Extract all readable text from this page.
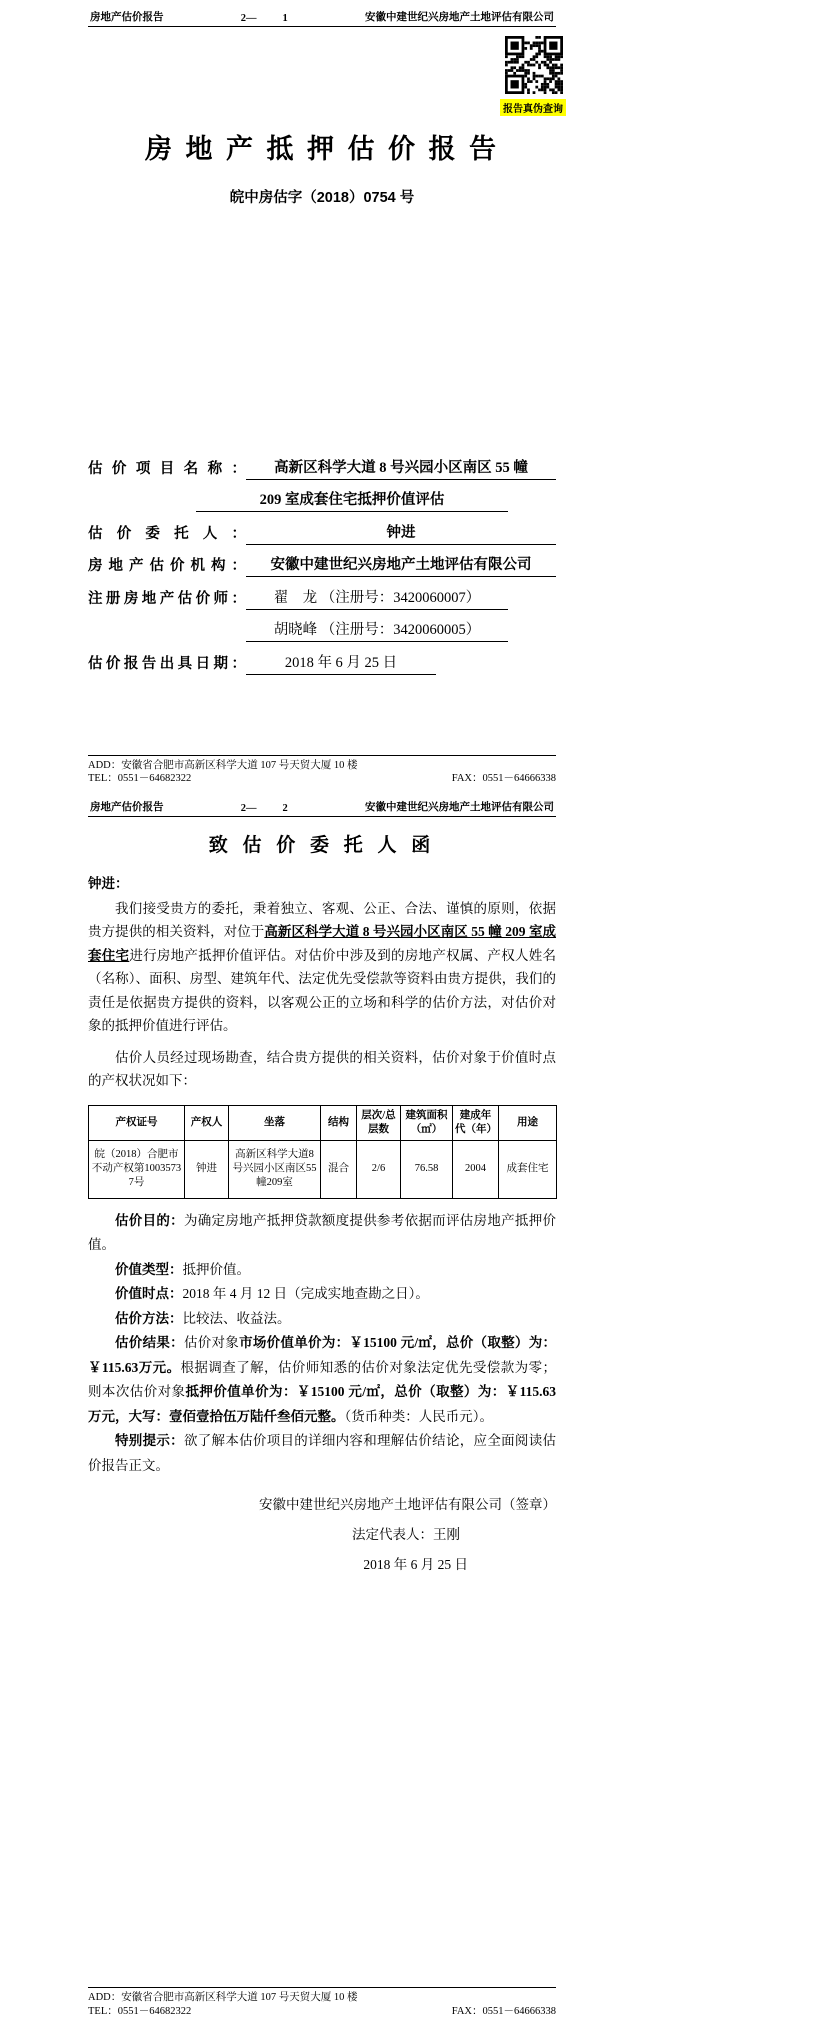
报告真伪查询
房地产估价报告	2— 1	安徽中建世纪兴房地产土地评估有限公司
房 地 产 抵 押 估 价 报 告
皖中房估字（2018）0754 号
估价项目名称：	高新区科学大道 8 号兴园小区南区 55 幢
209 室成套住宅抵押价值评估
估价委托人：	钟进
房地产估价机构：	安徽中建世纪兴房地产土地评估有限公司
注册房地产估价师：	翟　龙 （注册号：3420060007）
胡晓峰 （注册号：3420060005）
估价报告出具日期：	2018 年 6 月 25 日
ADD：安徽省合肥市高新区科学大道 107 号天贸大厦 10 楼
TEL：0551－64682322	FAX：0551－64666338
房地产估价报告	2— 2	安徽中建世纪兴房地产土地评估有限公司
致 估 价 委 托 人 函
钟进：

我们接受贵方的委托，秉着独立、客观、公正、合法、谨慎的原则，依据贵方提供的相关资料，对位于高新区科学大道 8 号兴园小区南区 55 幢 209 室成套住宅进行房地产抵押价值评估。对估价中涉及到的房地产权属、产权人姓名（名称）、面积、房型、建筑年代、法定优先受偿款等资料由贵方提供，我们的责任是依据贵方提供的资料，以客观公正的立场和科学的估价方法，对估价对象的抵押价值进行评估。

估价人员经过现场勘查，结合贵方提供的相关资料，估价对象于价值时点的产权状况如下：

产权证号	产权人	坐落	结构	层次/总层数	建筑面积（㎡）	建成年代（年）	用途
皖（2018）合肥市不动产权第10035737号	钟进	高新区科学大道8号兴园小区南区55幢209室	混合	2/6	76.58	2004	成套住宅

估价目的：为确定房地产抵押贷款额度提供参考依据而评估房地产抵押价值。

价值类型：抵押价值。

价值时点：2018 年 4 月 12 日（完成实地查勘之日）。

估价方法：比较法、收益法。

估价结果：估价对象市场价值单价为：￥15100 元/㎡，总价（取整）为：￥115.63万元。根据调查了解，估价师知悉的估价对象法定优先受偿款为零；则本次估价对象抵押价值单价为：￥15100 元/㎡，总价（取整）为：￥115.63 万元，大写：壹佰壹拾伍万陆仟叁佰元整。（货币种类：人民币元）。

特别提示：欲了解本估价项目的详细内容和理解估价结论，应全面阅读估价报告正文。

安徽中建世纪兴房地产土地评估有限公司（签章）
法定代表人：王刚
2018 年 6 月 25 日
ADD：安徽省合肥市高新区科学大道 107 号天贸大厦 10 楼
TEL：0551－64682322	FAX：0551－64666338
